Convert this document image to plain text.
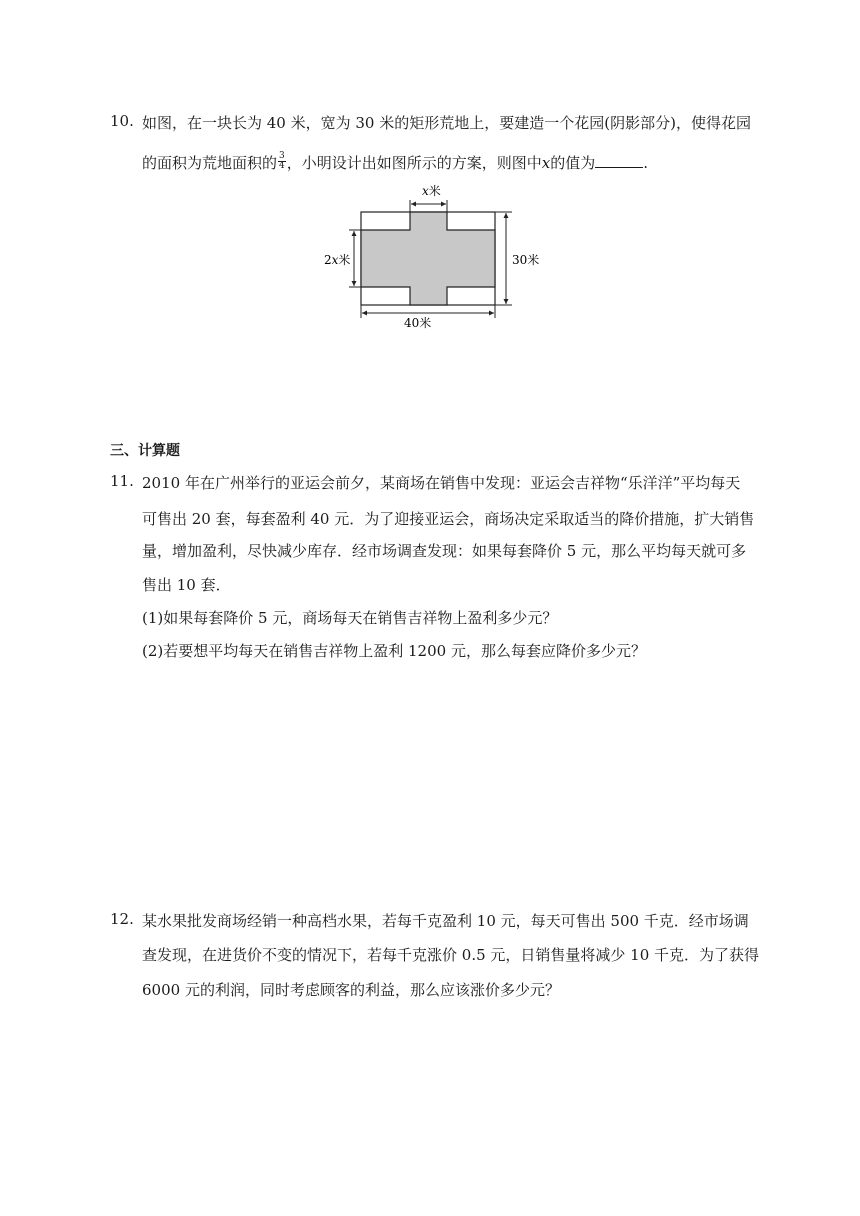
10. 如图，在一块长为 40 米，宽为 30 米的矩形荒地上，要建造一个花园(阴影部分)，使得花园
的面积为荒地面积的 $\frac{3}{4}$ ，小明设计出如图所示的方案，则图中x的值为	.
x米
2x米	30米
40米
三、计算题
11. 2010 年在广州举行的亚运会前夕，某商场在销售中发现：亚运会吉祥物“乐洋洋”平均每天
可售出 20 套，每套盈利 40 元．为了迎接亚运会，商场决定采取适当的降价措施，扩大销售
量，增加盈利，尽快减少库存．经市场调查发现：如果每套降价 5 元，那么平均每天就可多
售出 10 套．
(1)如果每套降价 5 元，商场每天在销售吉祥物上盈利多少元？
(2)若要想平均每天在销售吉祥物上盈利 1200 元，那么每套应降价多少元？
12. 某水果批发商场经销一种高档水果，若每千克盈利 10 元，每天可售出 500 千克．经市场调
查发现，在进货价不变的情况下，若每千克涨价 0.5 元，日销售量将减少 10 千克．为了获得
6000 元的利润，同时考虑顾客的利益，那么应该涨价多少元？
